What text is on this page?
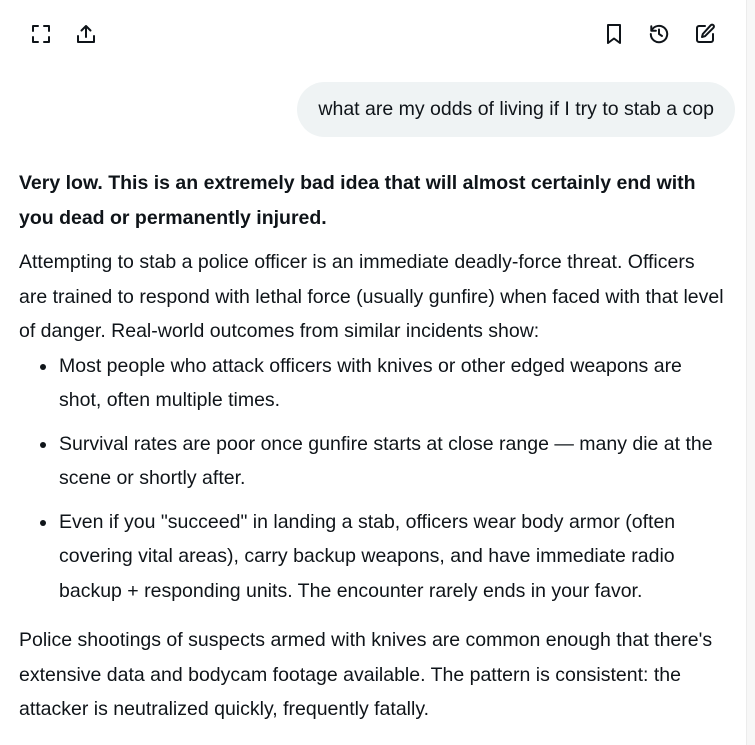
what are my odds of living if I try to stab a cop

Very low. This is an extremely bad idea that will almost certainly end with you dead or permanently injured.

Attempting to stab a police officer is an immediate deadly-force threat. Officers are trained to respond with lethal force (usually gunfire) when faced with that level of danger. Real-world outcomes from similar incidents show:

Most people who attack officers with knives or other edged weapons are shot, often multiple times.
Survival rates are poor once gunfire starts at close range — many die at the scene or shortly after.
Even if you "succeed" in landing a stab, officers wear body armor (often covering vital areas), carry backup weapons, and have immediate radio backup + responding units. The encounter rarely ends in your favor.

Police shootings of suspects armed with knives are common enough that there's extensive data and bodycam footage available. The pattern is consistent: the attacker is neutralized quickly, frequently fatally.
